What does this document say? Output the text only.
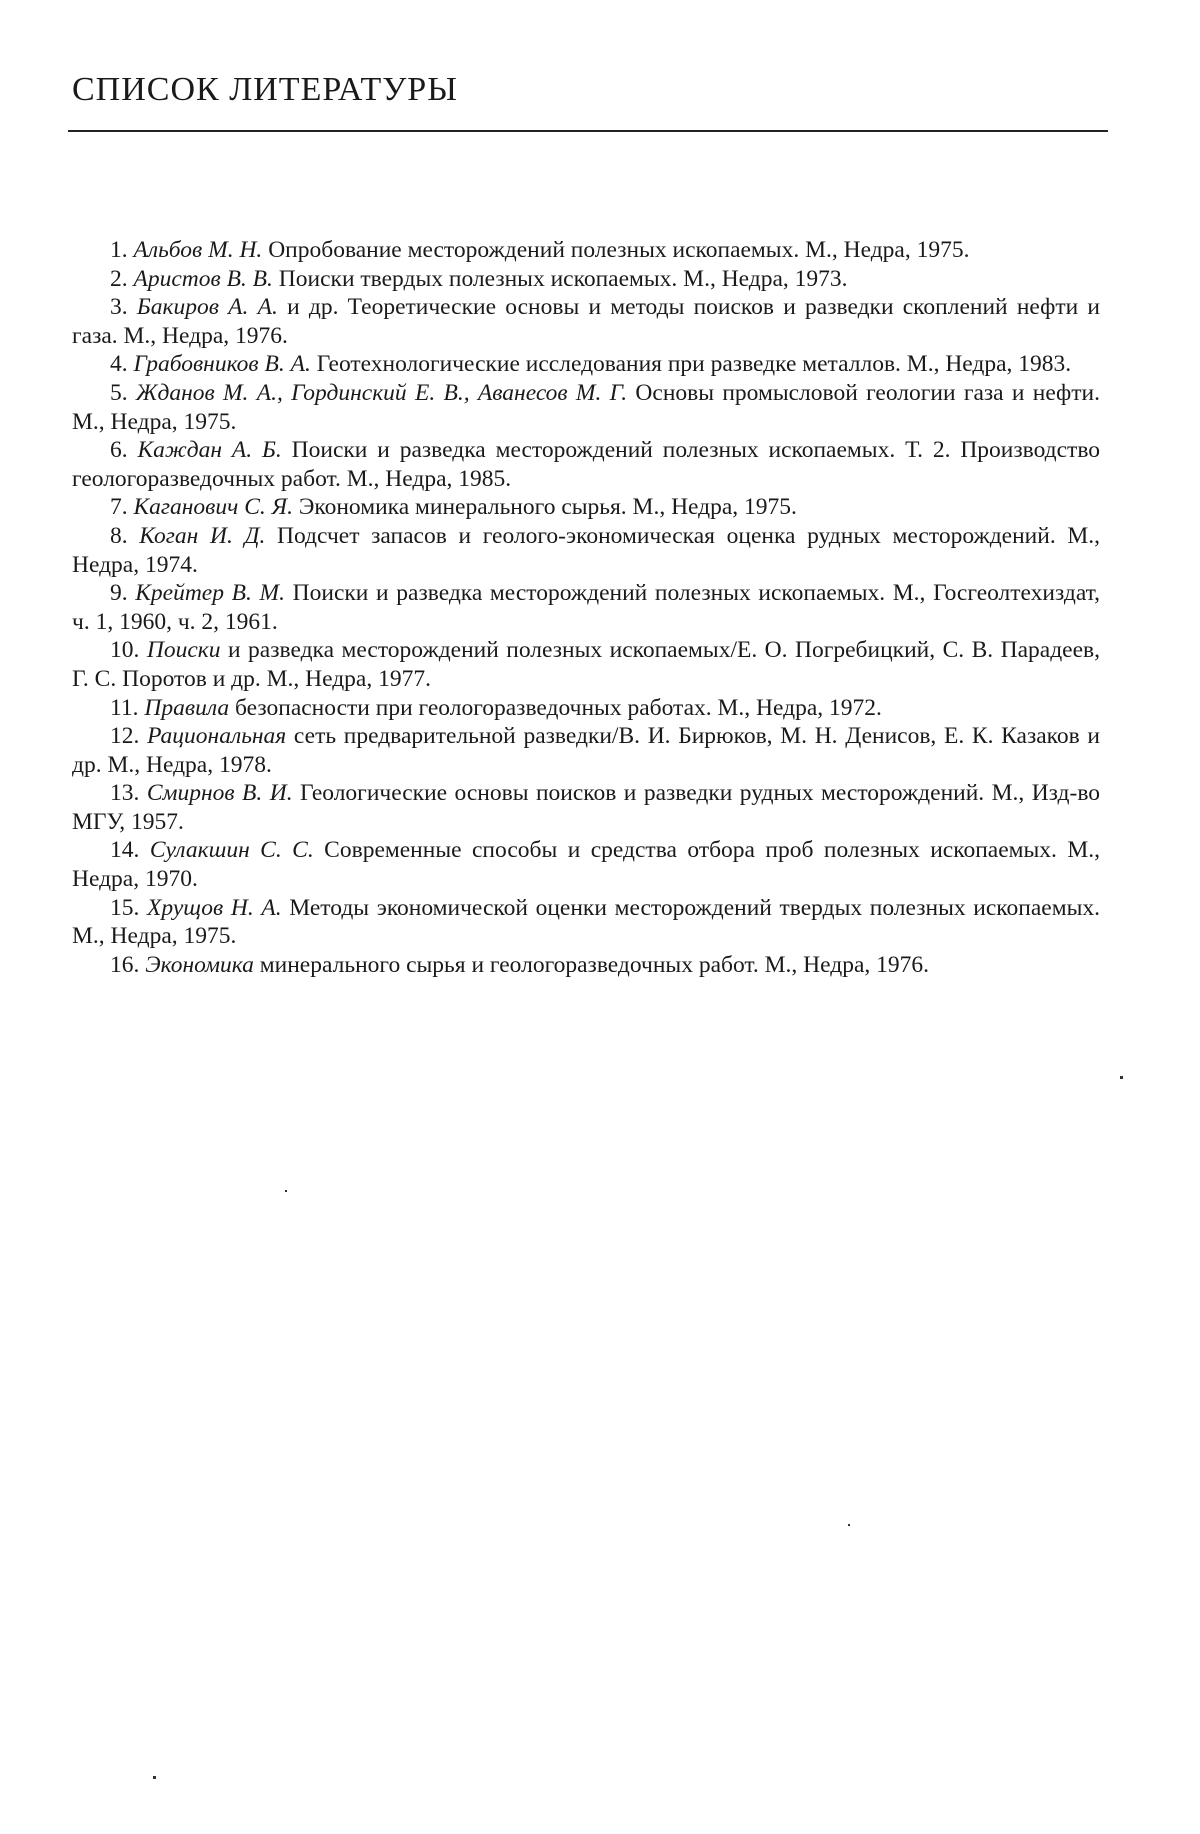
СПИСОК ЛИТЕРАТУРЫ
1. Альбов М. Н. Опробование месторождений полезных ископаемых. М., Недра, 1975.
2. Аристов В. В. Поиски твердых полезных ископаемых. М., Недра, 1973.
3. Бакиров А. А. и др. Теоретические основы и методы поисков и разведки скоплений нефти и газа. М., Недра, 1976.
4. Грабовников В. А. Геотехнологические исследования при разведке металлов. М., Недра, 1983.
5. Жданов М. А., Гординский Е. В., Аванесов М. Г. Основы промысловой геологии газа и нефти. М., Недра, 1975.
6. Каждан А. Б. Поиски и разведка месторождений полезных ископаемых. Т. 2. Производство геологоразведочных работ. М., Недра, 1985.
7. Каганович С. Я. Экономика минерального сырья. М., Недра, 1975.
8. Коган И. Д. Подсчет запасов и геолого-экономическая оценка рудных месторождений. М., Недра, 1974.
9. Крейтер В. М. Поиски и разведка месторождений полезных ископаемых. М., Госгеолтехиздат, ч. 1, 1960, ч. 2, 1961.
10. Поиски и разведка месторождений полезных ископаемых/Е. О. Погребицкий, С. В. Парадеев, Г. С. Поротов и др. М., Недра, 1977.
11. Правила безопасности при геологоразведочных работах. М., Недра, 1972.
12. Рациональная сеть предварительной разведки/В. И. Бирюков, М. Н. Денисов, Е. К. Казаков и др. М., Недра, 1978.
13. Смирнов В. И. Геологические основы поисков и разведки рудных месторождений. М., Изд-во МГУ, 1957.
14. Сулакшин С. С. Современные способы и средства отбора проб полезных ископаемых. М., Недра, 1970.
15. Хрущов Н. А. Методы экономической оценки месторождений твердых полезных ископаемых. М., Недра, 1975.
16. Экономика минерального сырья и геологоразведочных работ. М., Недра, 1976.
